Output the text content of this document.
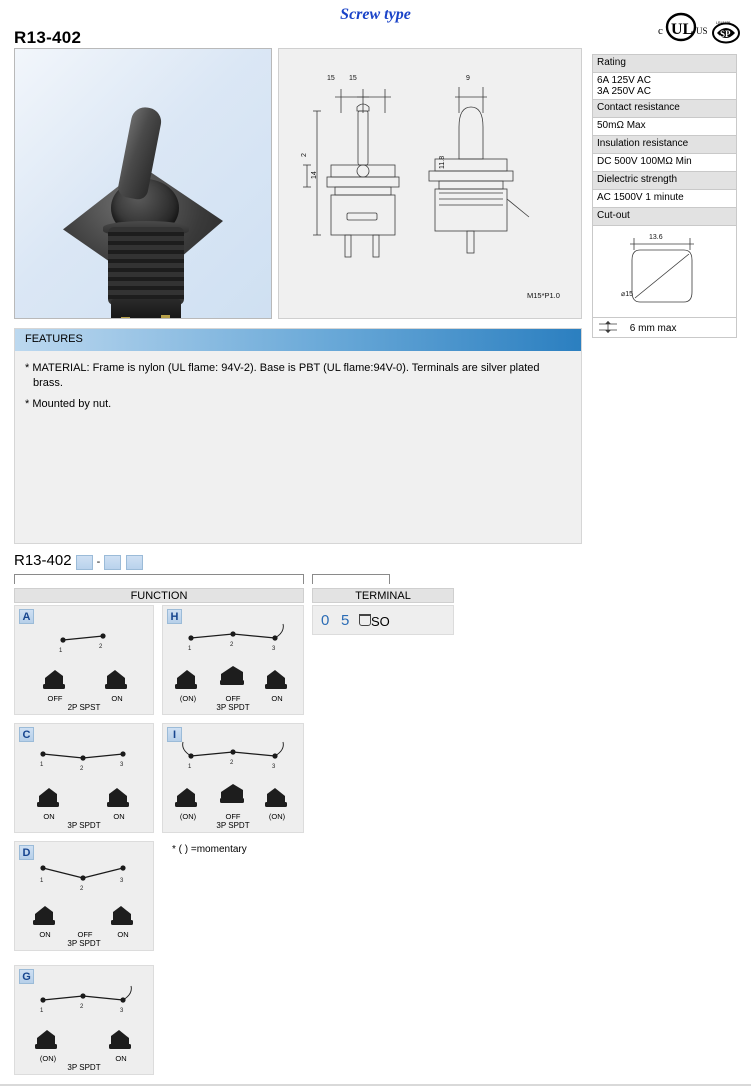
Screw type
R13-402	c UL US
LR41135
SP
15 15
14
2
9
11.8
M15*P1.0
Rating
6A 125V AC
3A 250V AC
Contact resistance
50mΩ Max
Insulation resistance
DC 500V 100MΩ Min
Dielectric strength
AC 1500V 1 minute
Cut-out
13.6
⌀15
6 mm max
FEATURES
* MATERIAL: Frame is nylon (UL flame: 94V-2). Base is PBT (UL flame:94V-0). Terminals are silver plated
brass.
* Mounted by nut.
R13-402 -
FUNCTION	TERMINAL
0 5 SO
A
1
2
OFF	ON
2P SPST
C
1
2
3
ON	ON
3P SPDT
D
1
2
3
ON	OFF	ON
3P SPDT
G
1
2
3
(ON)	ON
3P SPDT
H
1
2
3
(ON)	OFF	ON
3P SPDT
I
1
2
3
(ON)	OFF	(ON)
3P SPDT
* ( ) =momentary
